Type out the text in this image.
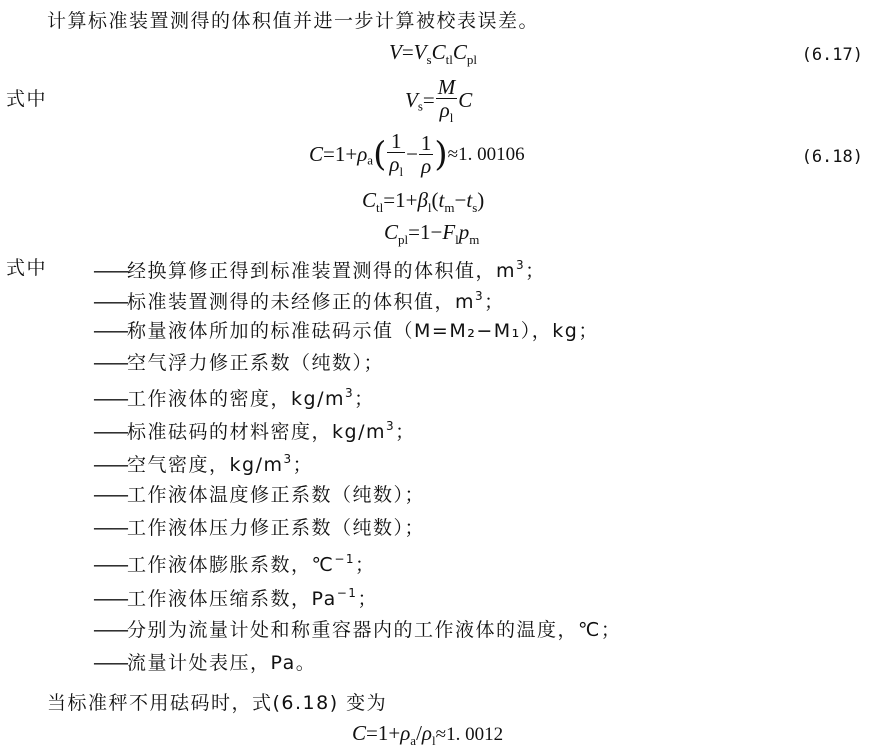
计算标准装置测得的体积值并进一步计算被校表误差。
$V=V_sC_{tl}C_{pl}$	(6.17)
式中	$V_s= \frac{M}{\rho_l}$ C
$C=1+\rho_a( \frac{1}{\rho_l} - \frac{1}{\rho} )\approx 1$. 00106	(6.18)
$C_{tl}=1+\beta_l(t_m-t_s)$
$C_{pl}=1-F_lp_m$
式中 ——经换算修正得到标准装置测得的体积值，$m^3$；
——标准装置测得的未经修正的体积值，$m^3$；
——称量液体所加的标准砝码示值（M=M₂−M₁），kg；
——空气浮力修正系数（纯数）；
——工作液体的密度，$kg/m^3$；
——标准砝码的材料密度，$kg/m^3$；
——空气密度，$kg/m^3$；
——工作液体温度修正系数（纯数）；
——工作液体压力修正系数（纯数）；
——工作液体膨胀系数，℃$^{-1}$；
——工作液体压缩系数，$Pa^{-1}$；
——分别为流量计处和称重容器内的工作液体的温度，℃；
——流量计处表压，Pa。
当标准秤不用砝码时，式(6.18) 变为
$C=1+\rho_a/\rho_l\approx 1$. 0012
